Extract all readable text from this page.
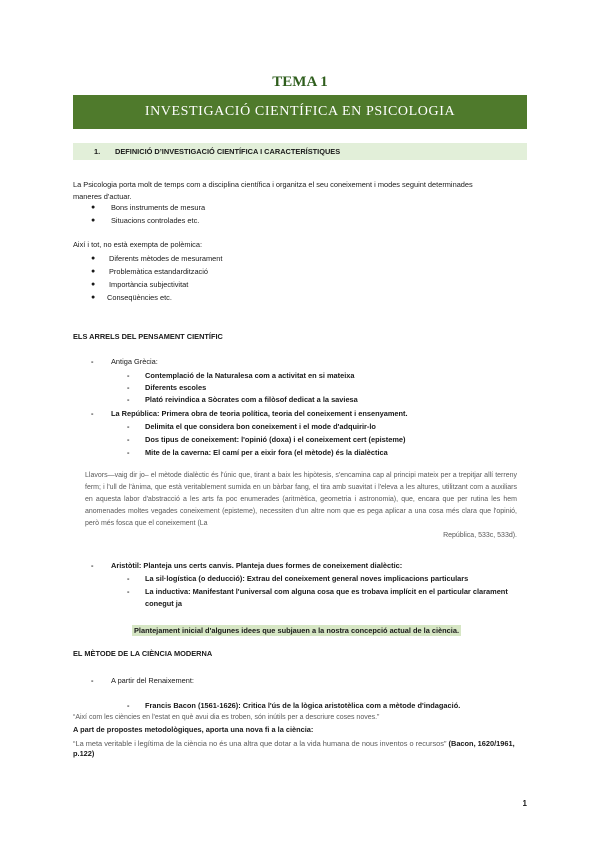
TEMA 1
INVESTIGACIÓ CIENTÍFICA EN PSICOLOGIA
1. DEFINICIÓ D’INVESTIGACIÓ CIENTÍFICA I CARACTERÍSTIQUES
La Psicologia porta molt de temps com a disciplina científica i organitza el seu coneixement i modes seguint determinades
maneres d'actuar.
● Bons instruments de mesura
● Situacions controlades etc.
Així i tot, no està exempta de polèmica:
● Diferents mètodes de mesurament
● Problemàtica estandardització
● Importància subjectivitat
● Conseqüències etc.
ELS ARRELS DEL PENSAMENT CIENTÍFIC
- Antiga Grècia:
- Contemplació de la Naturalesa com a activitat en si mateixa
- Diferents escoles
- Plató reivindica a Sòcrates com a filòsof dedicat a la saviesa
- La República: Primera obra de teoria política, teoria del coneixement i ensenyament.
- Delimita el que considera bon coneixement i el mode d'adquirir-lo
- Dos tipus de coneixement: l'opinió (doxa) i el coneixement cert (episteme)
- Mite de la caverna: El camí per a eixir fora (el mètode) és la dialèctica
Llavors—vaig dir jo– el mètode dialèctic és l'únic que, tirant a baix les hipòtesis, s'encamina cap al principi mateix per a trepitjar allí terreny ferm; i l'ull de l'ànima, que està veritablement sumida en un bàrbar fang, el tira amb suavitat i l'eleva a les altures, utilitzant com a auxiliars en aquesta labor d'abstracció a les arts fa poc enumerades (aritmètica, geometria i astronomia), que, encara que per rutina les hem anomenades moltes vegades coneixement (episteme), necessiten d'un altre nom que es pega aplicar a una cosa més clara que l'opinió, però més fosca que el coneixement (La
República, 533c, 533d).
- Aristòtil: Planteja uns certs canvis. Planteja dues formes de coneixement dialèctic:
- La sil·logística (o deducció): Extrau del coneixement general noves implicacions particulars
- La inductiva: Manifestant l'universal com alguna cosa que es trobava implícit en el particular clarament
conegut ja
Plantejament inicial d'algunes idees que subjauen a la nostra concepció actual de la ciència.
EL MÈTODE DE LA CIÈNCIA MODERNA
- A partir del Renaixement:
- Francis Bacon (1561-1626): Critica l'ús de la lògica aristotèlica com a mètode d'indagació.
“Així com les ciències en l'estat en què avui dia es troben, són inútils per a descriure coses noves.”
A part de propostes metodològiques, aporta una nova fi a la ciència:
“La meta veritable i legítima de la ciència no és una altra que dotar a la vida humana de nous inventos o recursos” (Bacon, 1620/1961, p.122)
1
